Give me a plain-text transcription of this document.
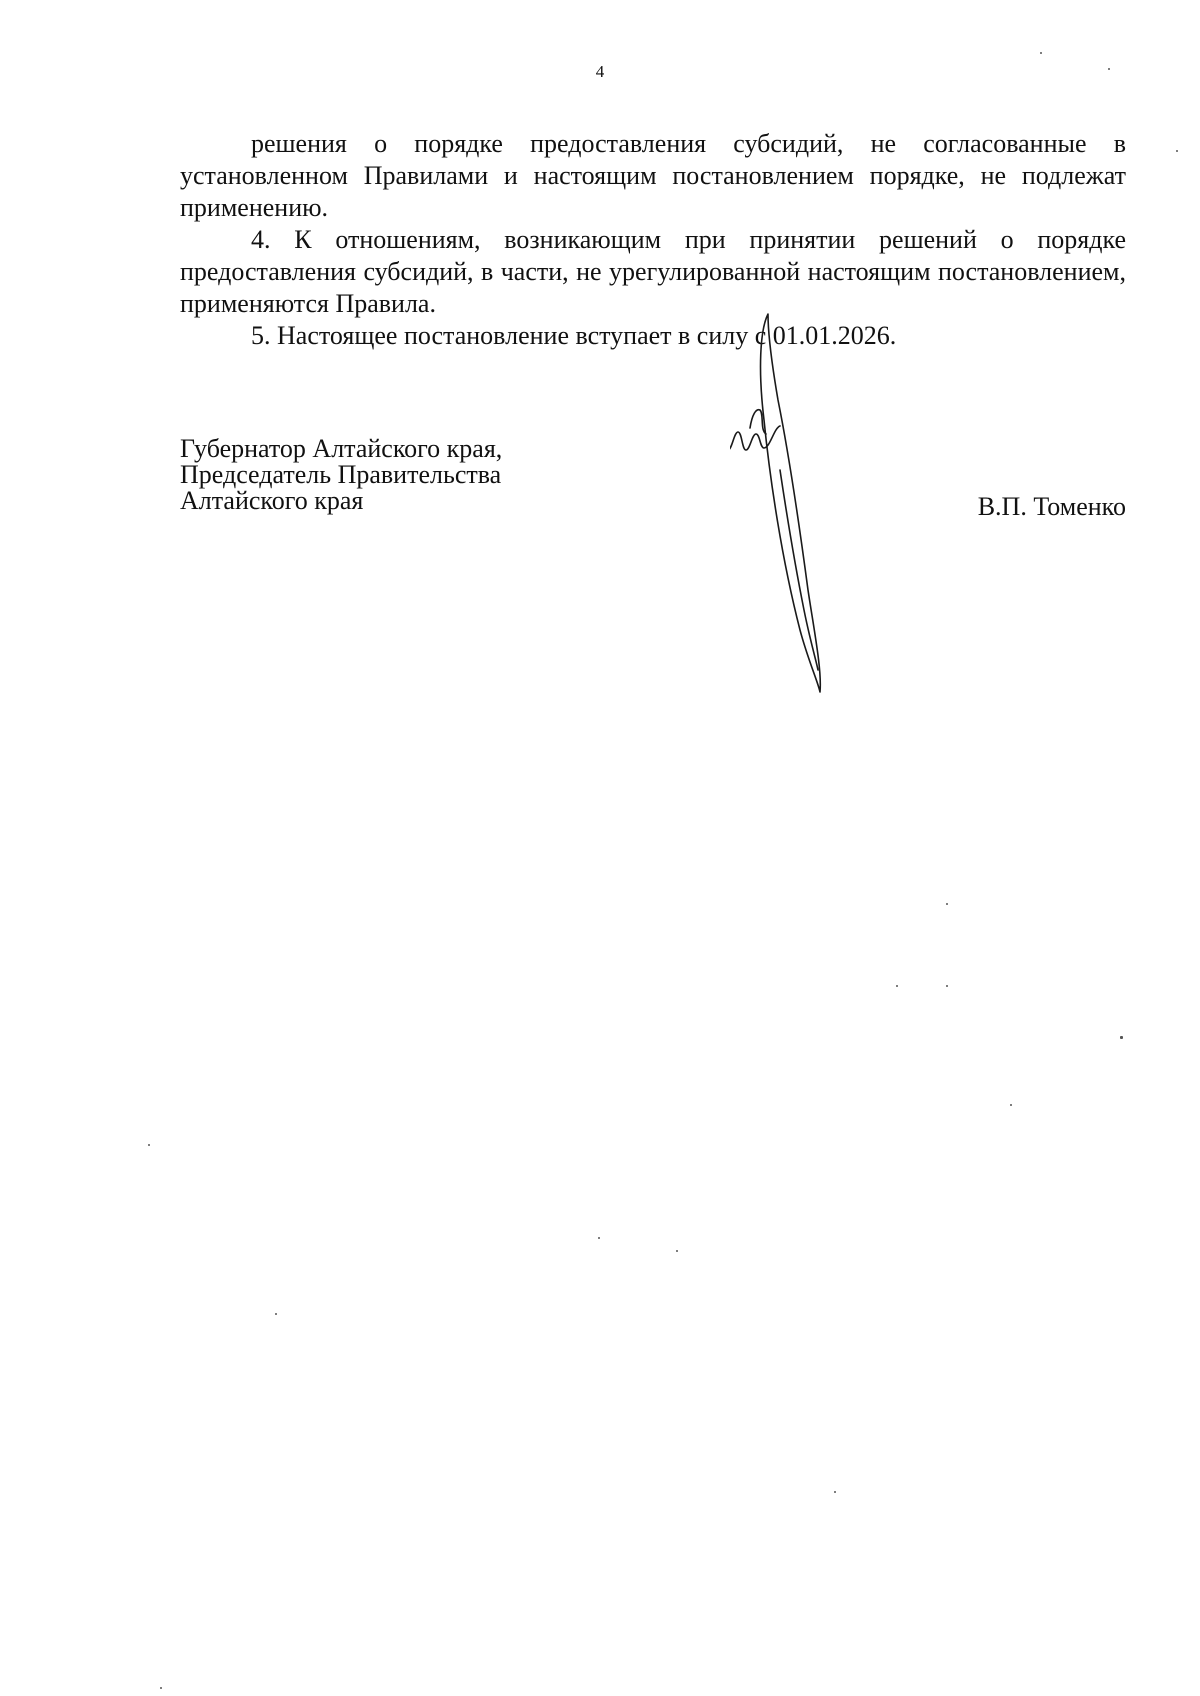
4

решения о порядке предоставления субсидий, не согласованные в установленном Правилами и настоящим постановлением порядке, не подлежат применению.

4. К отношениям, возникающим при принятии решений о порядке предоставления субсидий, в части, не урегулированной настоящим постановлением, применяются Правила.

5. Настоящее постановление вступает в силу с 01.01.2026.

Губернатор Алтайского края,
Председатель Правительства
Алтайского края	В.П. Томенко
